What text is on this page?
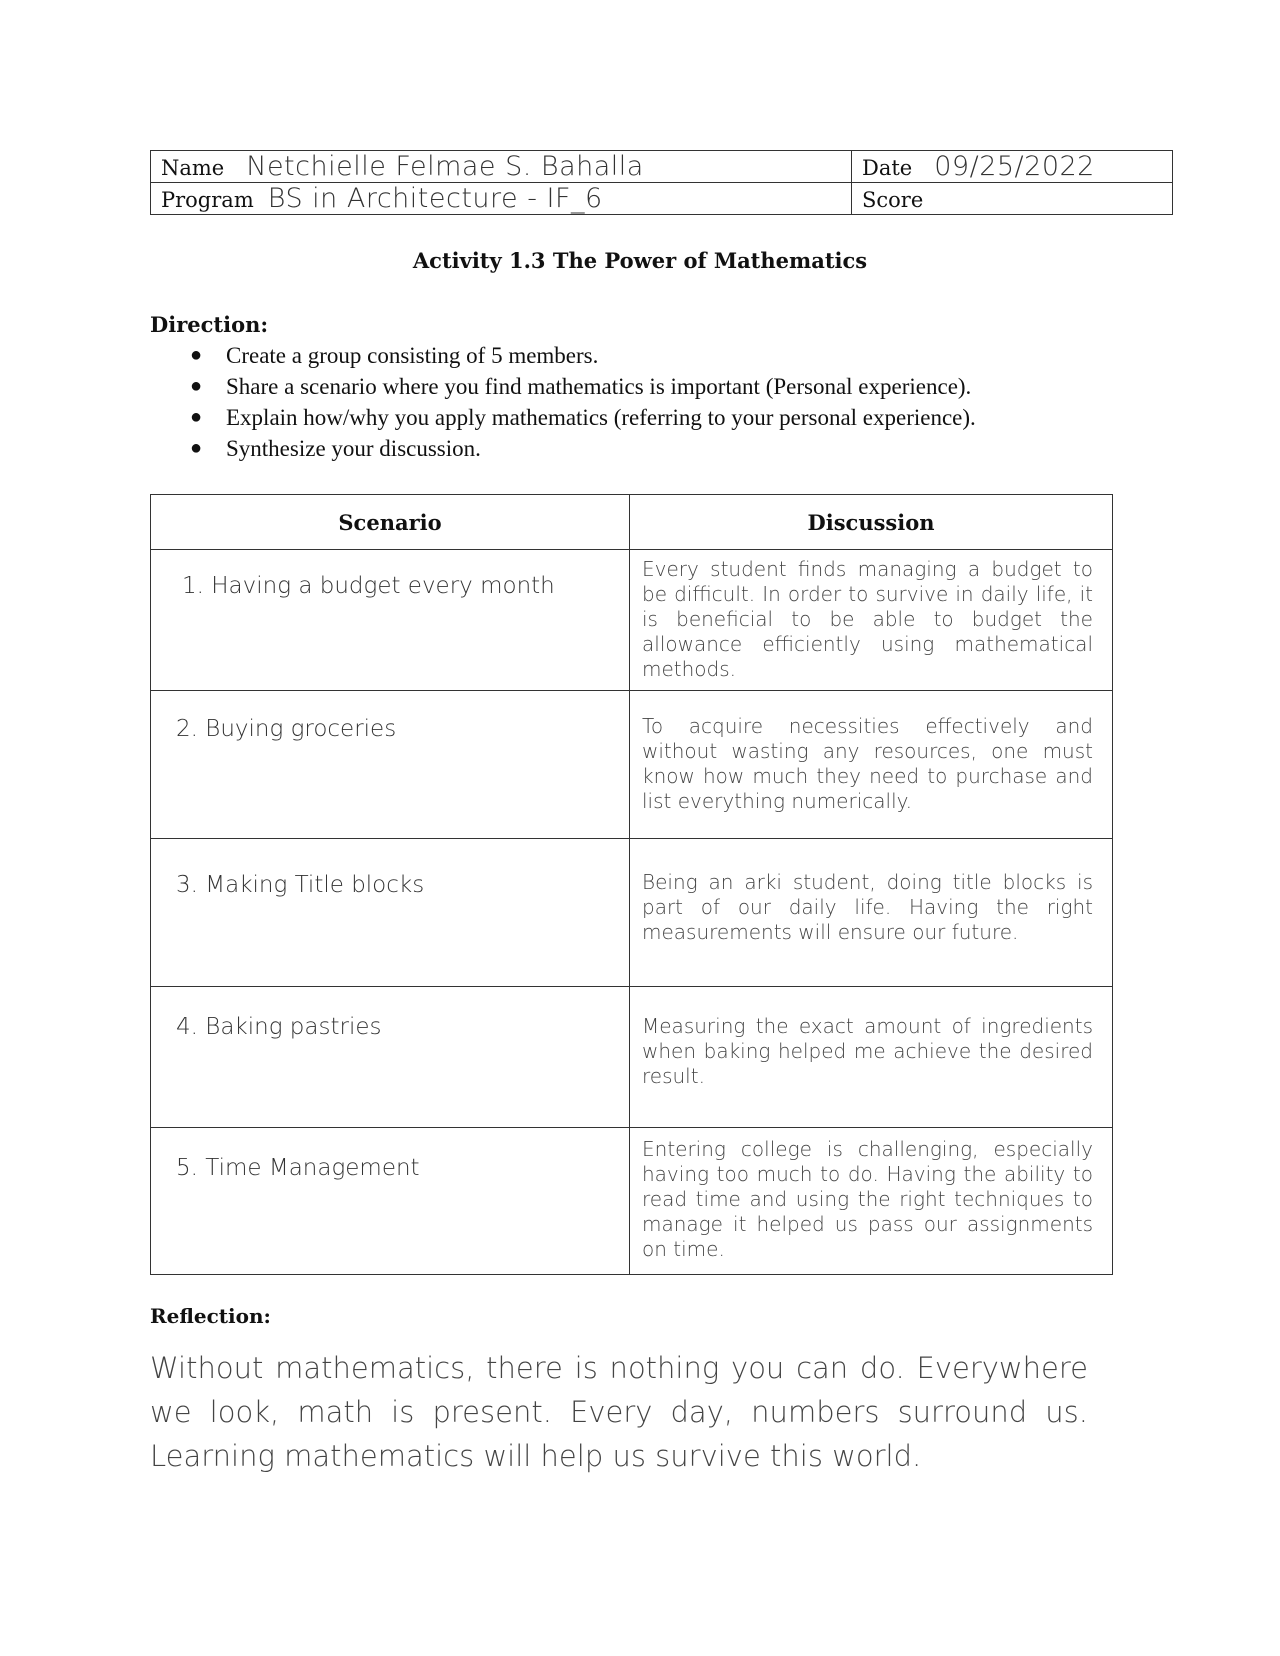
Name Netchielle Felmae S. Bahalla	Date 09/25/2022
Program BS in Architecture - IF_6	Score
Activity 1.3 The Power of Mathematics
Direction:
● Create a group consisting of 5 members.
● Share a scenario where you find mathematics is important (Personal experience).
● Explain how/why you apply mathematics (referring to your personal experience).
● Synthesize your discussion.
Scenario	Discussion

1. Having a budget every month	Every student finds managing a budget to be difficult. In order to survive in daily life, it is beneficial to be able to budget the allowance efficiently using mathematical methods.

2. Buying groceries	To acquire necessities effectively and without wasting any resources, one must know how much they need to purchase and list everything numerically.

3. Making Title blocks	Being an arki student, doing title blocks is part of our daily life. Having the right measurements will ensure our future.

4. Baking pastries	Measuring the exact amount of ingredients when baking helped me achieve the desired result.

5. Time Management	Entering college is challenging, especially having too much to do. Having the ability to read time and using the right techniques to manage it helped us pass our assignments on time.
Reflection:
Without mathematics, there is nothing you can do. Everywhere we look, math is present. Every day, numbers surround us. Learning mathematics will help us survive this world.
